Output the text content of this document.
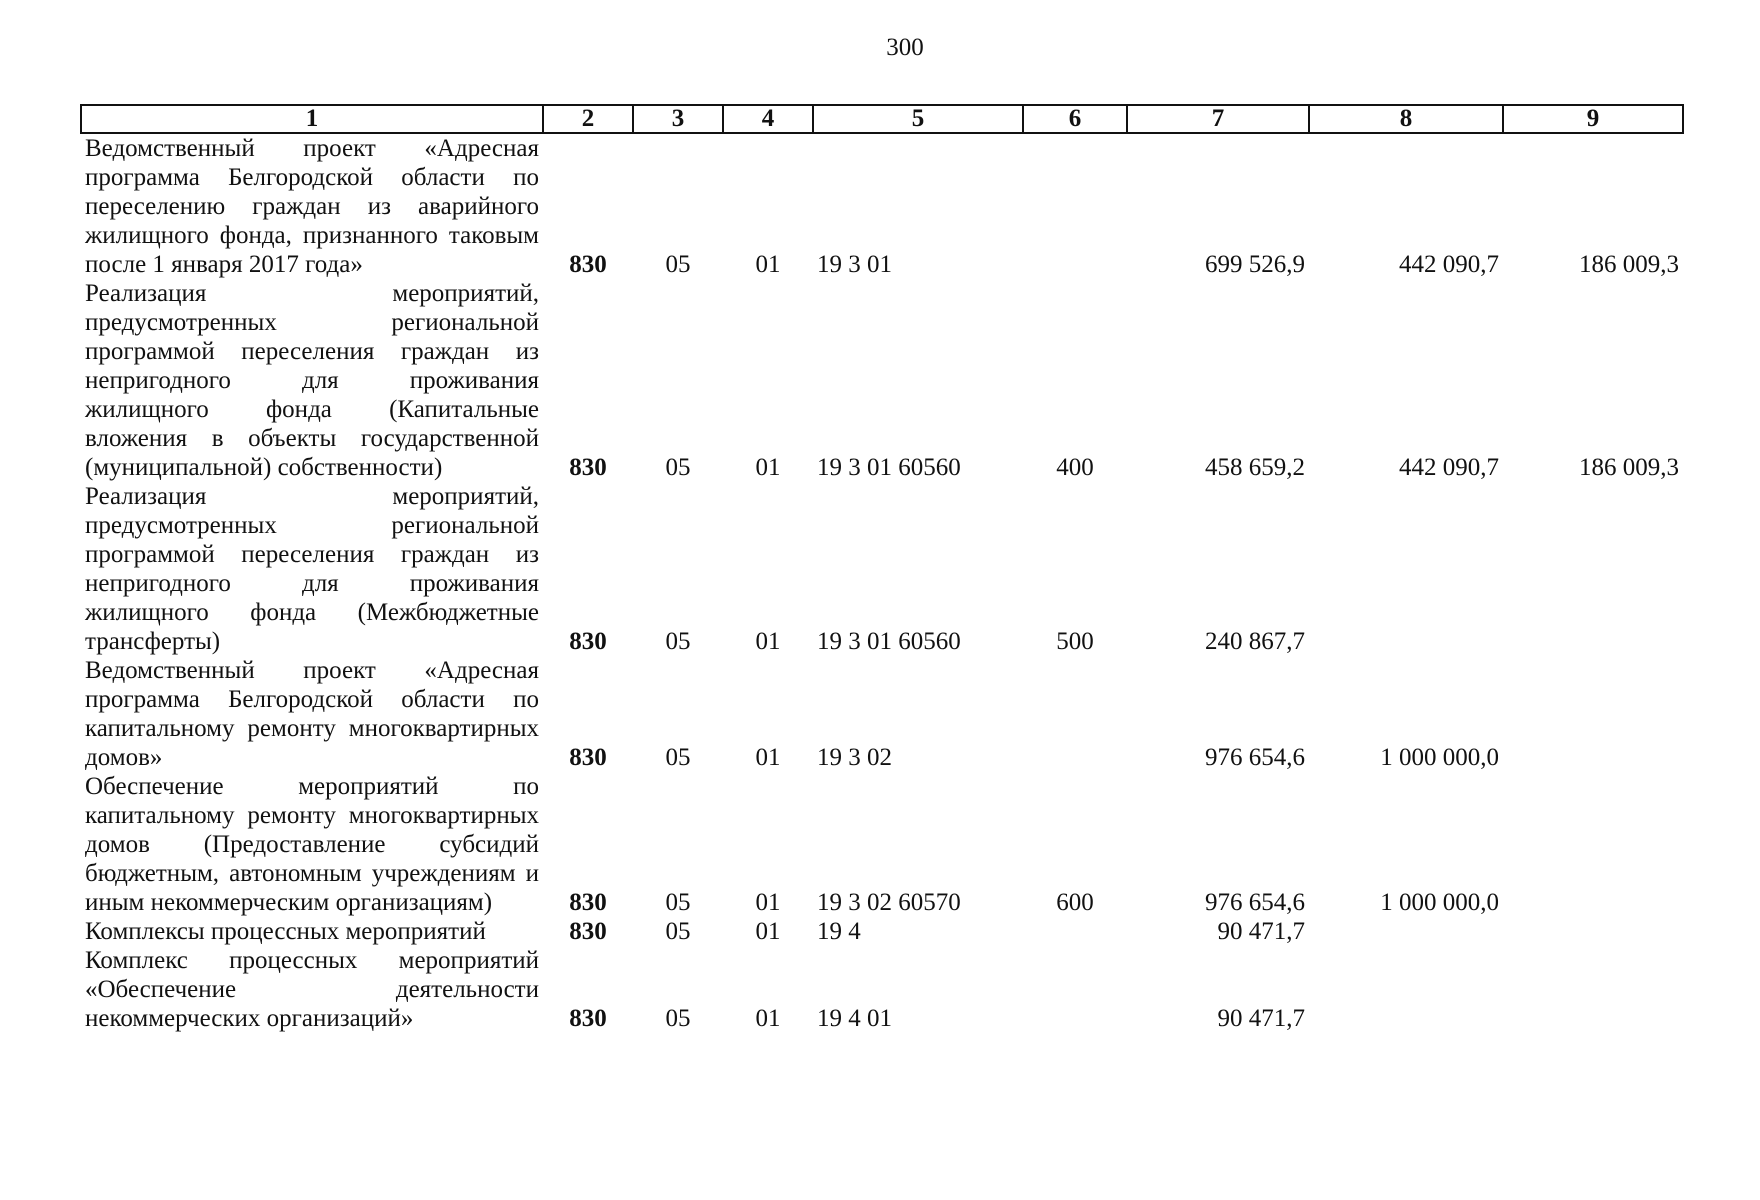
300
1	2	3	4	5	6	7	8	9
Ведомственный проект «Адресная программа Белгородской области по переселению граждан из аварийного жилищного фонда, признанного таковым после 1 января 2017 года»	830	05	01	19 3 01		699 526,9	442 090,7	186 009,3
Реализация мероприятий, предусмотренных региональной программой переселения граждан из непригодного для проживания жилищного фонда (Капитальные вложения в объекты государственной (муниципальной) собственности)	830	05	01	19 3 01 60560	400	458 659,2	442 090,7	186 009,3
Реализация мероприятий, предусмотренных региональной программой переселения граждан из непригодного для проживания жилищного фонда (Межбюджетные трансферты)	830	05	01	19 3 01 60560	500	240 867,7		
Ведомственный проект «Адресная программа Белгородской области по капитальному ремонту многоквартирных домов»	830	05	01	19 3 02		976 654,6	1 000 000,0	
Обеспечение мероприятий по капитальному ремонту многоквартирных домов (Предоставление субсидий бюджетным, автономным учреждениям и иным некоммерческим организациям)	830	05	01	19 3 02 60570	600	976 654,6	1 000 000,0	
Комплексы процессных мероприятий	830	05	01	19 4		90 471,7		
Комплекс процессных мероприятий «Обеспечение деятельности некоммерческих организаций»	830	05	01	19 4 01		90 471,7		
